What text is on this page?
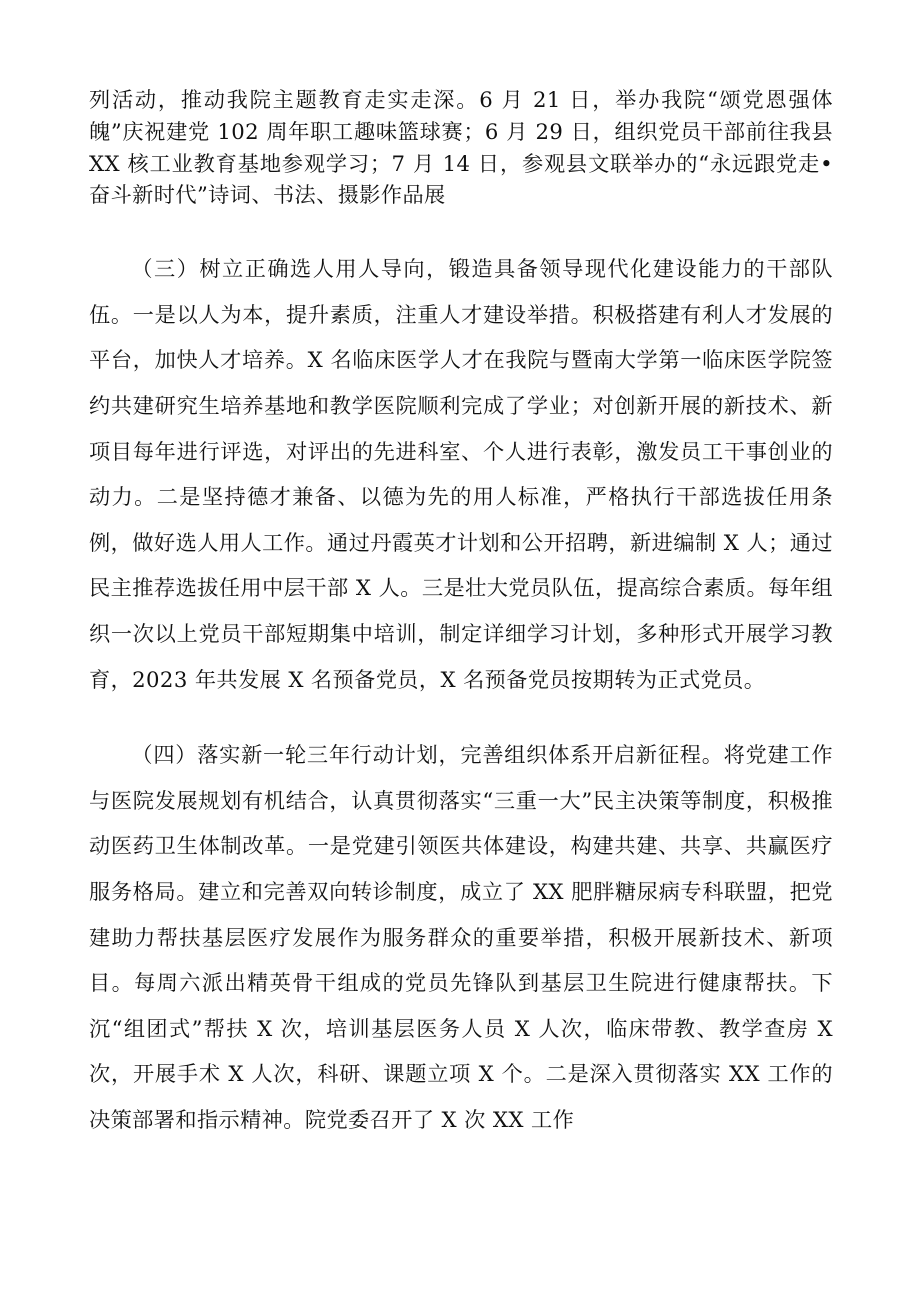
列活动，推动我院主题教育走实走深。6 月 21 日，举办我院“颂党恩强体魄”庆祝建党 102 周年职工趣味篮球赛；6 月 29 日，组织党员干部前往我县 XX 核工业教育基地参观学习；7 月 14 日，参观县文联举办的“永远跟党走•奋斗新时代”诗词、书法、摄影作品展

（三）树立正确选人用人导向，锻造具备领导现代化建设能力的干部队伍。一是以人为本，提升素质，注重人才建设举措。积极搭建有利人才发展的平台，加快人才培养。X 名临床医学人才在我院与暨南大学第一临床医学院签约共建研究生培养基地和教学医院顺利完成了学业；对创新开展的新技术、新项目每年进行评选，对评出的先进科室、个人进行表彰，激发员工干事创业的动力。二是坚持德才兼备、以德为先的用人标准，严格执行干部选拔任用条例，做好选人用人工作。通过丹霞英才计划和公开招聘，新进编制 X 人；通过民主推荐选拔任用中层干部 X 人。三是壮大党员队伍，提高综合素质。每年组织一次以上党员干部短期集中培训，制定详细学习计划，多种形式开展学习教育，2023 年共发展 X 名预备党员，X 名预备党员按期转为正式党员。

（四）落实新一轮三年行动计划，完善组织体系开启新征程。将党建工作与医院发展规划有机结合，认真贯彻落实“三重一大”民主决策等制度，积极推动医药卫生体制改革。一是党建引领医共体建设，构建共建、共享、共赢医疗服务格局。建立和完善双向转诊制度，成立了 XX 肥胖糖尿病专科联盟，把党建助力帮扶基层医疗发展作为服务群众的重要举措，积极开展新技术、新项目。每周六派出精英骨干组成的党员先锋队到基层卫生院进行健康帮扶。下沉“组团式”帮扶 X 次，培训基层医务人员 X 人次，临床带教、教学查房 X 次，开展手术 X 人次，科研、课题立项 X 个。二是深入贯彻落实 XX 工作的决策部署和指示精神。院党委召开了 X 次 XX 工作
